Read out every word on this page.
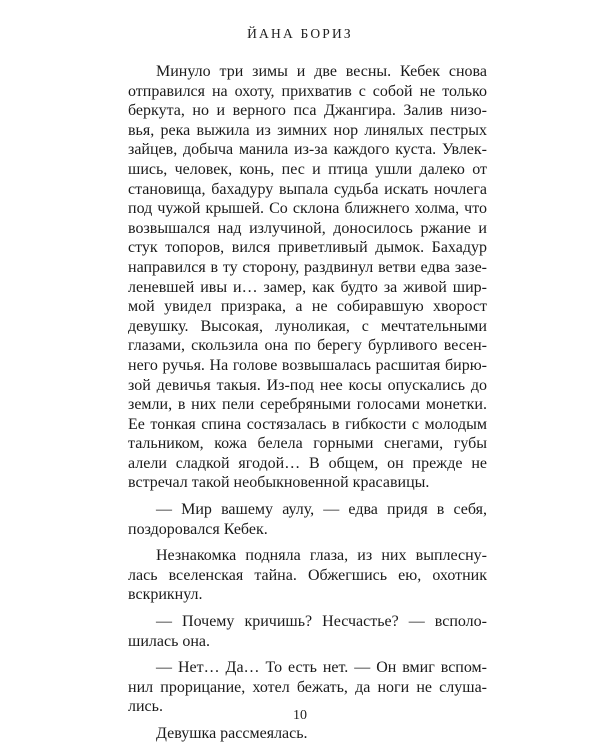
ЙАНА БОРИЗ
Минуло три зимы и две весны. Кебек снова
отправился на охоту, прихватив с собой не только
беркута, но и верного пса Джангира. Залив низо-
вья, река выжила из зимних нор линялых пестрых
зайцев, добыча манила из-за каждого куста. Увлек-
шись, человек, конь, пес и птица ушли далеко от
становища, бахадуру выпала судьба искать ночлега
под чужой крышей. Со склона ближнего холма, что
возвышался над излучиной, доносилось ржание и
стук топоров, вился приветливый дымок. Бахадур
направился в ту сторону, раздвинул ветви едва зазе-
леневшей ивы и… замер, как будто за живой шир-
мой увидел призрака, а не собиравшую хворост
девушку. Высокая, луноликая, с мечтательными
глазами, скользила она по берегу бурливого весен-
него ручья. На голове возвышалась расшитая бирю-
зой девичья такыя. Из-под нее косы опускались до
земли, в них пели серебряными голосами монетки.
Ее тонкая спина состязалась в гибкости с молодым
тальником, кожа белела горными снегами, губы
алели сладкой ягодой… В общем, он прежде не
встречал такой необыкновенной красавицы.
— Мир вашему аулу, — едва придя в себя,
поздоровался Кебек.
Незнакомка подняла глаза, из них выплесну-
лась вселенская тайна. Обжегшись ею, охотник
вскрикнул.
— Почему кричишь? Несчастье? — всполо-
шилась она.
— Нет… Да… То есть нет. — Он вмиг вспом-
нил прорицание, хотел бежать, да ноги не слуша-
лись.
Девушка рассмеялась.
10
